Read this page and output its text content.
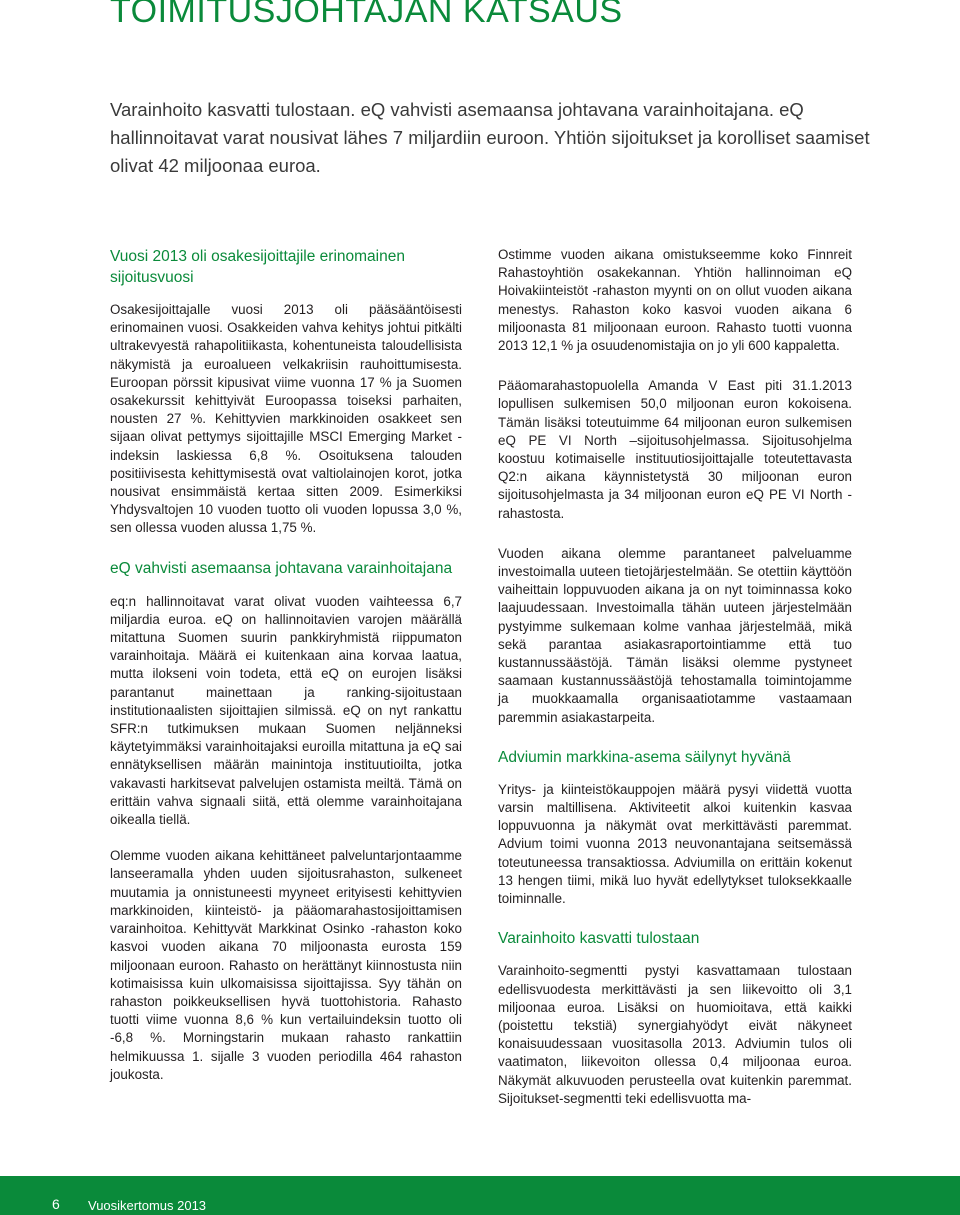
TOIMITUSJOHTAJAN KATSAUS

Varainhoito kasvatti tulostaan. eQ vahvisti asemaansa johtavana varainhoitajana. eQ hallinnoitavat varat nousivat lähes 7 miljardiin euroon. Yhtiön sijoitukset ja korolliset saamiset olivat 42 miljoonaa euroa.

Vuosi 2013 oli osakesijoittajile erinomainen sijoitusvuosi

Osakesijoittajalle vuosi 2013 oli pääsääntöisesti erinomainen vuosi. Osakkeiden vahva kehitys johtui pitkälti ultrakevyestä rahapolitiikasta, kohentuneista taloudellisista näkymistä ja euroalueen velkakriisin rauhoittumisesta. Euroopan pörssit kipusivat viime vuonna 17 % ja Suomen osakekurssit kehittyivät Euroopassa toiseksi parhaiten, nousten 27 %. Kehittyvien markkinoiden osakkeet sen sijaan olivat pettymys sijoittajille MSCI Emerging Market -indeksin laskiessa 6,8 %. Osoituksena talouden positiivisesta kehittymisestä ovat valtiolainojen korot, jotka nousivat ensimmäistä kertaa sitten 2009. Esimerkiksi Yhdysvaltojen 10 vuoden tuotto oli vuoden lopussa 3,0 %, sen ollessa vuoden alussa 1,75 %.

eQ vahvisti asemaansa johtavana varainhoitajana

eq:n hallinnoitavat varat olivat vuoden vaihteessa 6,7 miljardia euroa. eQ on hallinnoitavien varojen määrällä mitattuna Suomen suurin pankkiryhmistä riippumaton varainhoitaja. Määrä ei kuitenkaan aina korvaa laatua, mutta ilokseni voin todeta, että eQ on eurojen lisäksi parantanut mainettaan ja ranking-sijoitustaan institutionaalisten sijoittajien silmissä. eQ on nyt rankattu SFR:n tutkimuksen mukaan Suomen neljänneksi käytetyimmäksi varainhoitajaksi euroilla mitattuna ja eQ sai ennätyksellisen määrän mainintoja instituutioilta, jotka vakavasti harkitsevat palvelujen ostamista meiltä. Tämä on erittäin vahva signaali siitä, että olemme varainhoitajana oikealla tiellä.

Olemme vuoden aikana kehittäneet palveluntarjontaamme lanseeramalla yhden uuden sijoitusrahaston, sulkeneet muutamia ja onnistuneesti myyneet erityisesti kehittyvien markkinoiden, kiinteistö- ja pääomarahastosijoittamisen varainhoitoa. Kehittyvät Markkinat Osinko -rahaston koko kasvoi vuoden aikana 70 miljoonasta eurosta 159 miljoonaan euroon. Rahasto on herättänyt kiinnostusta niin kotimaisissa kuin ulkomaisissa sijoittajissa. Syy tähän on rahaston poikkeuksellisen hyvä tuottohistoria. Rahasto tuotti viime vuonna 8,6 % kun vertailuindeksin tuotto oli -6,8 %. Morningstarin mukaan rahasto rankattiin helmikuussa 1. sijalle 3 vuoden periodilla 464 rahaston joukosta.

Ostimme vuoden aikana omistukseemme koko Finnreit Rahastoyhtiön osakekannan. Yhtiön hallinnoiman eQ Hoivakiinteistöt -rahaston myynti on on ollut vuoden aikana menestys. Rahaston koko kasvoi vuoden aikana 6 miljoonasta 81 miljoonaan euroon. Rahasto tuotti vuonna 2013 12,1 % ja osuudenomistajia on jo yli 600 kappaletta.

Pääomarahastopuolella Amanda V East piti 31.1.2013 lopullisen sulkemisen 50,0 miljoonan euron kokoisena. Tämän lisäksi toteutuimme 64 miljoonan euron sulkemisen eQ PE VI North –sijoitusohjelmassa. Sijoitusohjelma koostuu kotimaiselle instituutiosijoittajalle toteutettavasta Q2:n aikana käynnistetystä 30 miljoonan euron sijoitusohjelmasta ja 34 miljoonan euron eQ PE VI North -rahastosta.

Vuoden aikana olemme parantaneet palveluamme investoimalla uuteen tietojärjestelmään. Se otettiin käyttöön vaiheittain loppuvuoden aikana ja on nyt toiminnassa koko laajuudessaan. Investoimalla tähän uuteen järjestelmään pystyimme sulkemaan kolme vanhaa järjestelmää, mikä sekä parantaa asiakasraportointiamme että tuo kustannussäästöjä. Tämän lisäksi olemme pystyneet saamaan kustannussäästöjä tehostamalla toimintojamme ja muokkaamalla organisaatiotamme vastaamaan paremmin asiakastarpeita.

Adviumin markkina-asema säilynyt hyvänä

Yritys- ja kiinteistökauppojen määrä pysyi viidettä vuotta varsin maltillisena. Aktiviteetit alkoi kuitenkin kasvaa loppuvuonna ja näkymät ovat merkittävästi paremmat. Advium toimi vuonna 2013 neuvonantajana seitsemässä toteutuneessa transaktiossa. Adviumilla on erittäin kokenut 13 hengen tiimi, mikä luo hyvät edellytykset tuloksekkaalle toiminnalle.

Varainhoito kasvatti tulostaan

Varainhoito-segmentti pystyi kasvattamaan tulostaan edellisvuodesta merkittävästi ja sen liikevoitto oli 3,1 miljoonaa euroa. Lisäksi on huomioitava, että kaikki (poistettu tekstiä) synergiahyödyt eivät näkyneet konaisuudessaan vuositasolla 2013. Adviumin tulos oli vaatimaton, liikevoiton ollessa 0,4 miljoonaa euroa. Näkymät alkuvuoden perusteella ovat kuitenkin paremmat. Sijoitukset-segmentti teki edellisvuotta ma-

6 Vuosikertomus 2013
